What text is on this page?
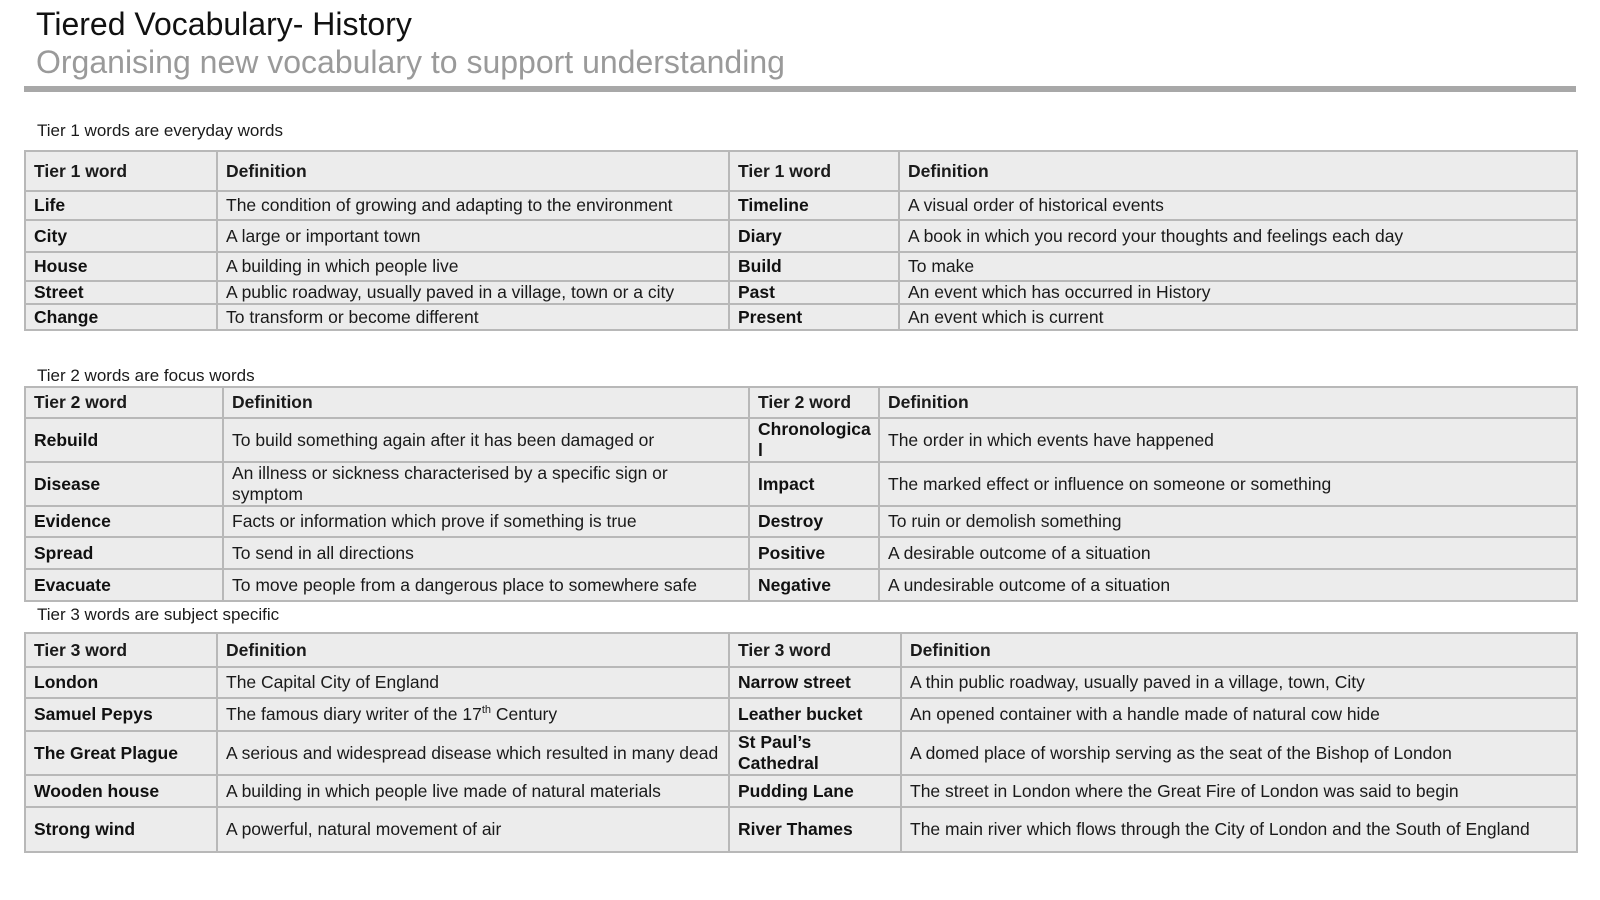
Tiered Vocabulary- History
Organising new vocabulary to support understanding
Tier 1 words are everyday words
Tier 1 word	Definition	Tier 1 word	Definition
Life	The condition of growing and adapting to the environment	Timeline	A visual order of historical events
City	A large or important town	Diary	A book in which you record your thoughts and feelings each day
House	A building in which people live	Build	To make
Street	A public roadway, usually paved in a village, town or a city	Past	An event which has occurred in History
Change	To transform or become different	Present	An event which is current
Tier 2 words are focus words
Tier 2 word	Definition	Tier 2 word	Definition
Rebuild	To build something again after it has been damaged or	Chronologica l	The order in which events have happened
Disease	An illness or sickness characterised by a specific sign or symptom	Impact	The marked effect or influence on someone or something
Evidence	Facts or information which prove if something is true	Destroy	To ruin or demolish something
Spread	To send in all directions	Positive	A desirable outcome of a situation
Evacuate	To move people from a dangerous place to somewhere safe	Negative	A undesirable outcome of a situation
Tier 3 words are subject specific
Tier 3 word	Definition	Tier 3 word	Definition
London	The Capital City of England	Narrow street	A thin public roadway, usually paved in a village, town, City
Samuel Pepys	The famous diary writer of the 17th Century	Leather bucket	An opened container with a handle made of natural cow hide
The Great Plague	A serious and widespread disease which resulted in many dead	St Paul’s Cathedral	A domed place of worship serving as the seat of the Bishop of London
Wooden house	A building in which people live made of natural materials	Pudding Lane	The street in London where the Great Fire of London was said to begin
Strong wind	A powerful, natural movement of air	River Thames	The main river which flows through the City of London and the South of England
